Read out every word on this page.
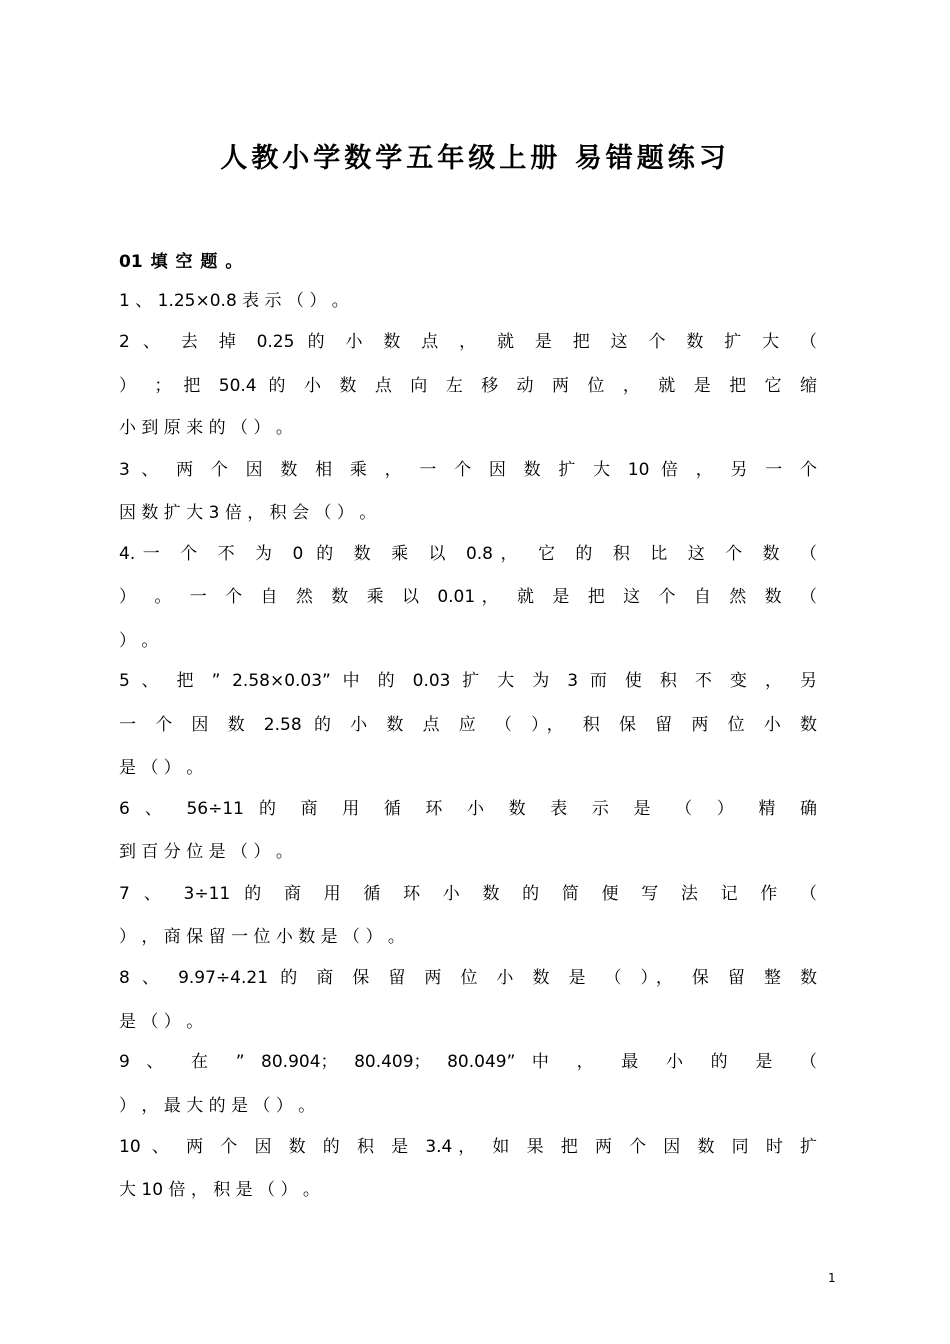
人教小学数学五年级上册 易错题练习
01 填 空 题 。
1 、 1.25×0.8 表 示 （ ） 。
2 、 去 掉 0.25 的 小 数 点 ， 就 是 把 这 个 数 扩 大 （
） ； 把 50.4 的 小 数 点 向 左 移 动 两 位 ， 就 是 把 它 缩
小 到 原 来 的 （ ） 。
3 、 两 个 因 数 相 乘 ， 一 个 因 数 扩 大 10 倍 ， 另 一 个
因 数 扩 大 3 倍 ， 积 会 （ ） 。
4.一 个 不 为 0 的 数 乘 以 0.8， 它 的 积 比 这 个 数 （
） 。 一 个 自 然 数 乘 以 0.01， 就 是 把 这 个 自 然 数 （
） 。
5 、 把 ” 2.58×0.03” 中 的 0.03 扩 大 为 3 而 使 积 不 变 ， 另
一 个 因 数 2.58 的 小 数 点 应 （ ）， 积 保 留 两 位 小 数
是 （ ） 。
6 、 56÷11 的 商 用 循 环 小 数 表 示 是 （ ） 精 确
到 百 分 位 是 （ ） 。
7 、 3÷11 的 商 用 循 环 小 数 的 简 便 写 法 记 作 （
） ， 商 保 留 一 位 小 数 是 （ ） 。
8 、 9.97÷4.21 的 商 保 留 两 位 小 数 是 （ ）， 保 留 整 数
是 （ ） 。
9 、 在 ” 80.904； 80.409； 80.049” 中 ， 最 小 的 是 （
） ， 最 大 的 是 （ ） 。
10 、 两 个 因 数 的 积 是 3.4， 如 果 把 两 个 因 数 同 时 扩
大 10 倍 ， 积 是 （ ） 。
1
